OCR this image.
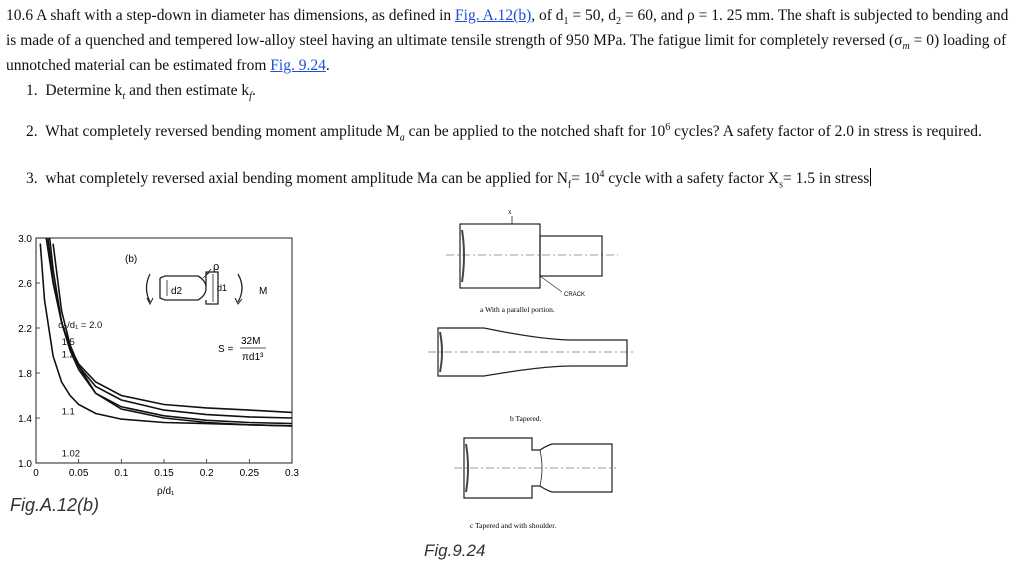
10.6 A shaft with a step-down in diameter has dimensions, as defined in Fig. A.12(b), of $d_1 = 50$, $d_2 = 60$, and ρ = 1. 25 mm. The shaft is subjected to bending and is made of a quenched and tempered low-alloy steel having an ultimate tensile strength of 950 MPa. The fatigue limit for completely reversed $(\sigma_m = 0)$ loading of unnotched material can be estimated from Fig. 9.24.
1. Determine $k_t$ and then estimate $k_f$.
2. What completely reversed bending moment amplitude $M_a$ can be applied to the notched shaft for $10^6$ cycles? A safety factor of 2.0 in stress is required.
3. what completely reversed axial bending moment amplitude Ma can be applied for $N_f= 10^4$ cycle with a safety factor $X_s= 1.5$ in stress
1.0
1.4
1.8
2.2
2.6
3.0
0	0.05	0.1	0.15	0.2	0.25	0.3
d₂/d₁ = 2.0
1.5
1.2
1.1
1.02
(b)
d2	d1
ρ
M
S =
32M
πd1³
ρ/d₁
Fig.A.12(b)
x
CRACK
a With a parallel portion.
b Tapered.
c Tapered and with shoulder.
Fig.9.24
